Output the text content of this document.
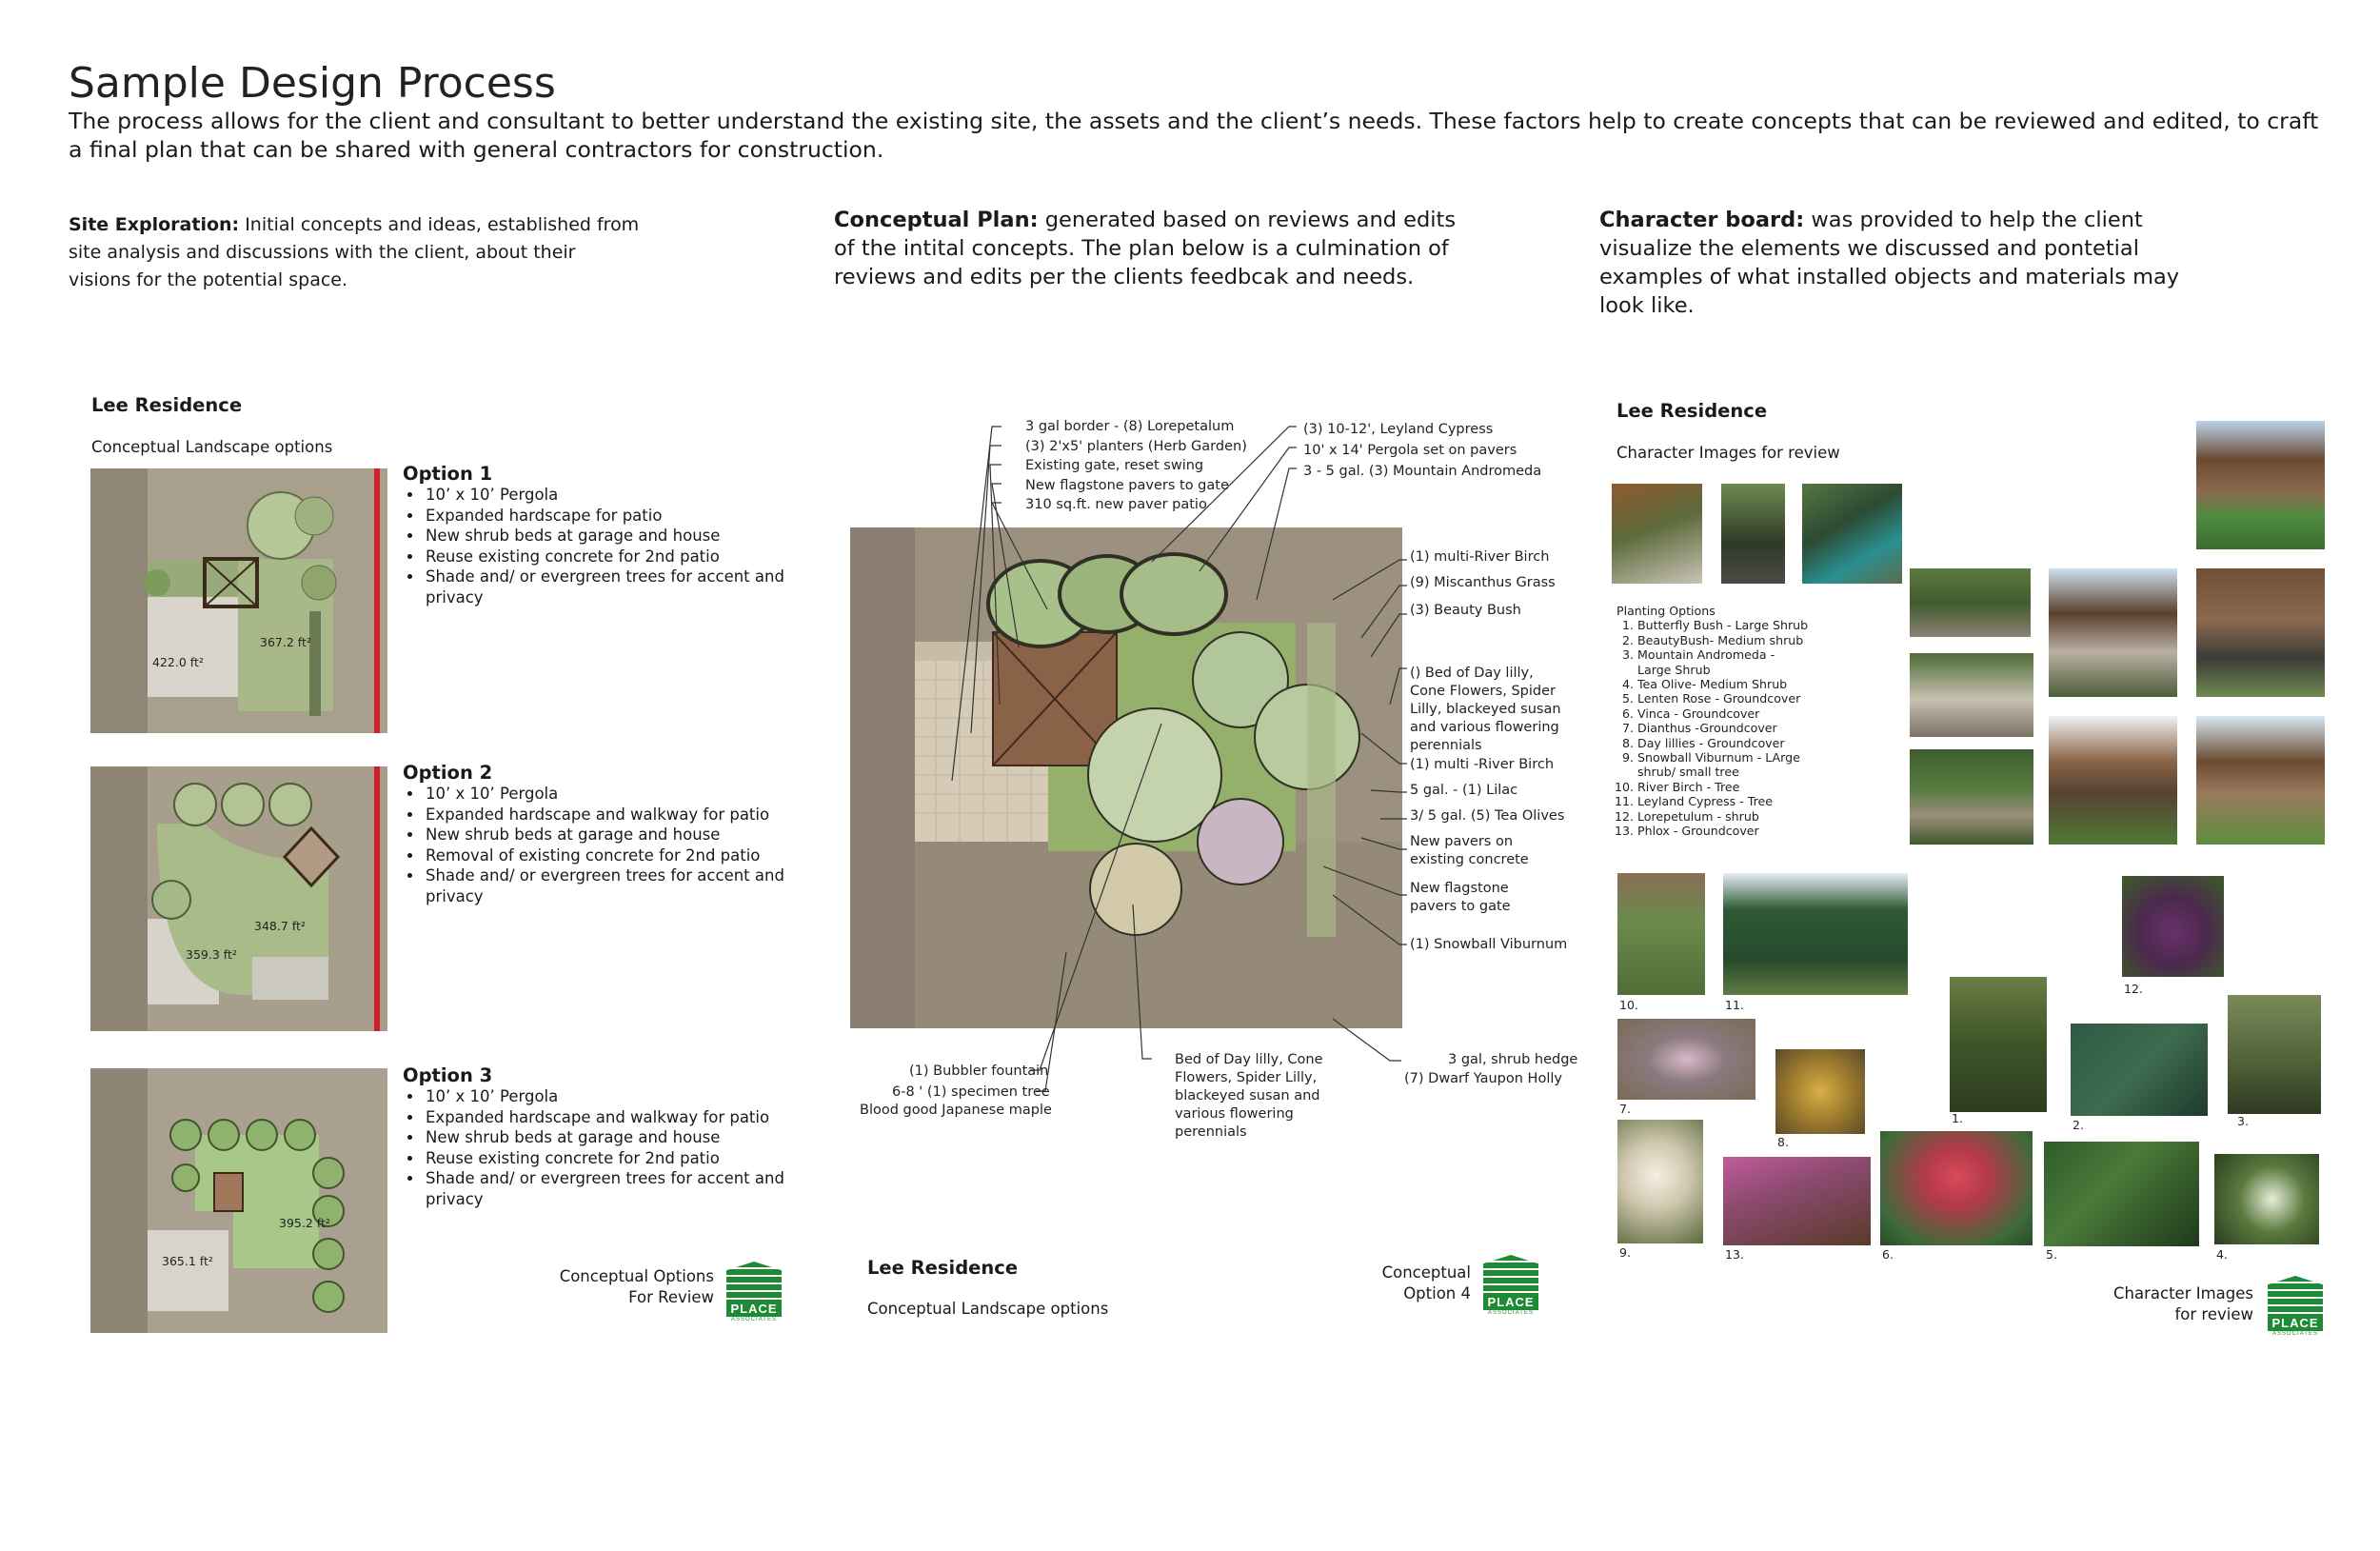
Sample Design Process
The process allows for the client and consultant to better understand the existing site, the assets and the client’s needs. These factors help to create concepts that can be reviewed and edited, to craft a final plan that can be shared with general contractors for construction.
Site Exploration: Initial concepts and ideas, established from site analysis and discussions with the client, about their visions for the potential space.
Conceptual Plan: generated based on reviews and edits of the intital concepts. The plan below is a culmination of reviews and edits per the clients feedbcak and needs.
Character board: was provided to help the client visualize the elements we discussed and pontetial examples of what installed objects and materials may look like.
Lee Residence
Conceptual Landscape options
422.0 ft²
367.2 ft²
Option 1
• 10’ x 10’ Pergola
• Expanded hardscape for patio
• New shrub beds at garage and house
• Reuse existing concrete for 2nd patio
• Shade and/ or evergreen trees for accent and privacy
359.3 ft²
348.7 ft²
Option 2
• 10’ x 10’ Pergola
• Expanded hardscape and walkway for patio
• New shrub beds at garage and house
• Removal of existing concrete for 2nd patio
• Shade and/ or evergreen trees for accent and privacy
365.1 ft²
395.2 ft²
Option 3
• 10’ x 10’ Pergola
• Expanded hardscape and walkway for patio
• New shrub beds at garage and house
• Reuse existing concrete for 2nd patio
• Shade and/ or evergreen trees for accent and privacy
Conceptual Options
For Review
PLACE
ASSOCIATES
3 gal border - (8) Lorepetalum
(3) 2'x5' planters (Herb Garden)
Existing gate, reset swing
New flagstone pavers to gate
310 sq.ft. new paver patio
(3) 10-12', Leyland Cypress
10' x 14' Pergola set on pavers
3 - 5 gal. (3) Mountain Andromeda
(1) multi-River Birch
(9) Miscanthus Grass
(3) Beauty Bush
() Bed of Day lilly, Cone Flowers, Spider Lilly, blackeyed susan and various flowering perennials
(1) multi -River Birch
5 gal. - (1) Lilac
3/ 5 gal. (5) Tea Olives
New pavers on existing concrete
New flagstone pavers to gate
(1) Snowball Viburnum
(1) Bubbler fountain
6-8 ' (1) specimen tree
Blood good Japanese maple
Bed of Day lilly, Cone Flowers, Spider Lilly, blackeyed susan and various flowering perennials
3 gal, shrub hedge
(7) Dwarf Yaupon Holly
Lee Residence
Conceptual Landscape options
Conceptual
Option 4	PLACE
ASSOCIATES
Lee Residence
Character Images for review
Planting Options
1. Butterfly Bush - Large Shrub
2. BeautyBush- Medium shrub
3. Mountain Andromeda - Large Shrub
4. Tea Olive- Medium Shrub
5. Lenten Rose - Groundcover
6. Vinca - Groundcover
7. Dianthus -Groundcover
8. Day lillies - Groundcover
9. Snowball Viburnum - LArge shrub/ small tree
10. River Birch - Tree
11. Leyland Cypress - Tree
12. Lorepetulum - shrub
13. Phlox - Groundcover
10.	11.
12.
7.
8.
1.	2.	3.
9.	13.	6.	5.	4.
Character Images
for review	PLACE
ASSOCIATES
